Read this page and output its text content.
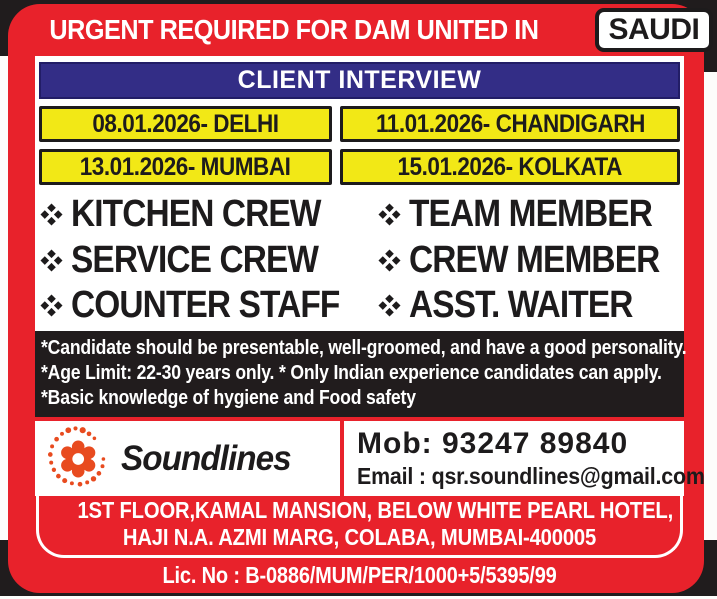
URGENT REQUIRED FOR DAM UNITED IN	SAUDI
CLIENT INTERVIEW
08.01.2026- DELHI	11.01.2026- CHANDIGARH
13.01.2026- MUMBAI	15.01.2026- KOLKATA
KITCHEN CREW TEAM MEMBER
SERVICE CREW CREW MEMBER
COUNTER STAFF ASST. WAITER
*Candidate should be presentable, well-groomed, and have a good personality.
*Age Limit: 22-30 years only. * Only Indian experience candidates can apply.
*Basic knowledge of hygiene and Food safety
Soundlines Mob: 93247 89840
Email : qsr.soundlines@gmail.com
1ST FLOOR,KAMAL MANSION, BELOW WHITE PEARL HOTEL,
HAJI N.A. AZMI MARG, COLABA, MUMBAI-400005
Lic. No : B-0886/MUM/PER/1000+5/5395/99
